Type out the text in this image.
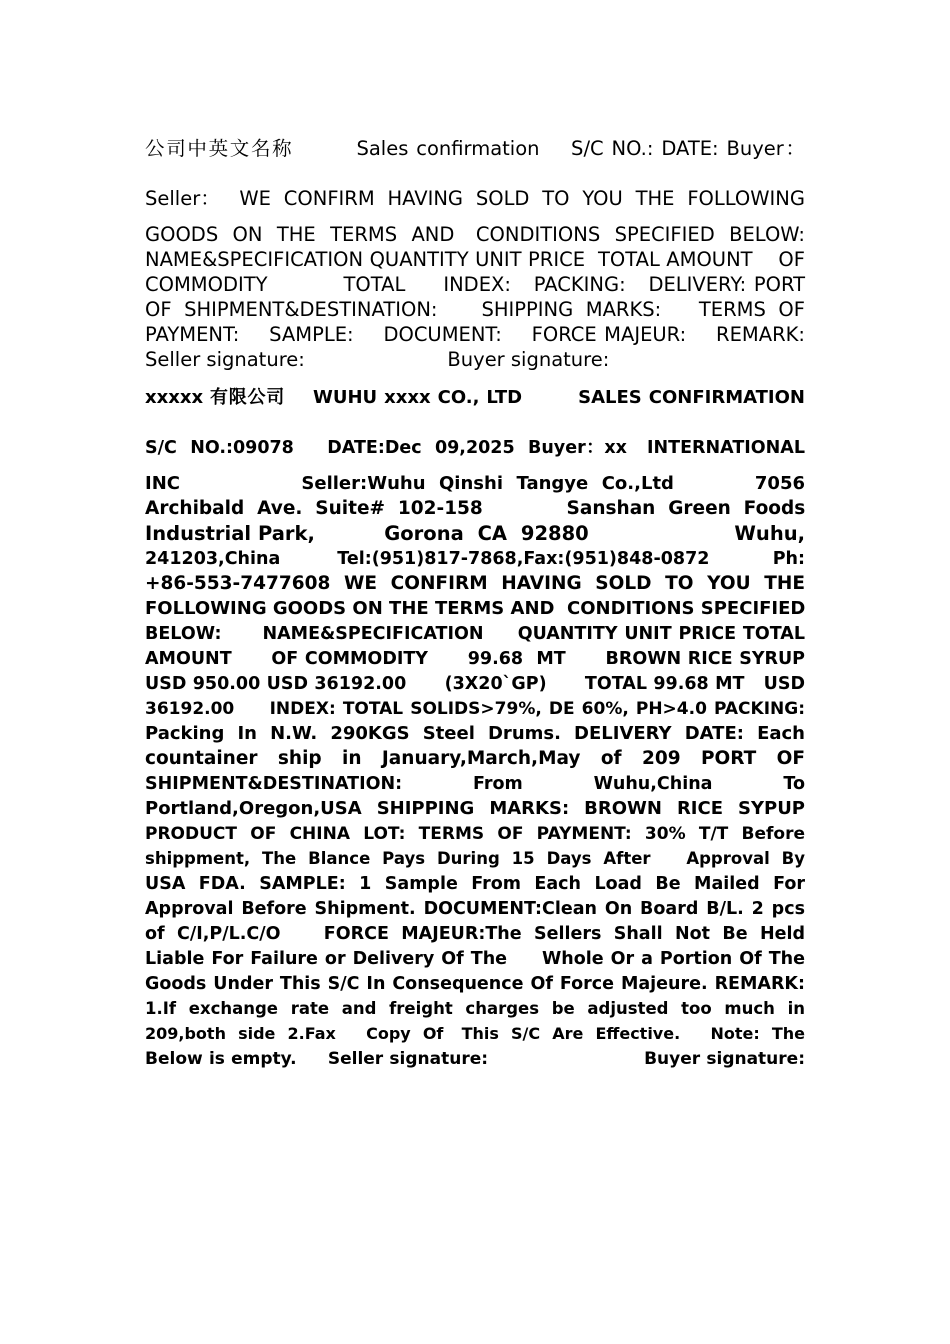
公司中英文名称        Sales confirmation    S/C NO.: DATE: Buyer：
Seller：   WE  CONFIRM  HAVING  SOLD  TO  YOU  THE  FOLLOWING
GOODS  ON  THE  TERMS  AND   CONDITIONS  SPECIFIED  BELOW:
NAME&SPECIFICATION QUANTITY UNIT PRICE  TOTAL AMOUNT    OF
COMMODITY          TOTAL     INDEX:   PACKING:   DELIVERY: PORT
OF  SHIPMENT&DESTINATION:       SHIPPING  MARKS:      TERMS  OF
PAYMENT:    SAMPLE:    DOCUMENT:    FORCE MAJEUR:    REMARK:
Seller signature:                       Buyer signature:
xxxxx 有限公司    WUHU xxxx CO., LTD        SALES CONFIRMATION
S/C  NO.:09078     DATE:Dec  09,2025  Buyer：xx   INTERNATIONAL
INC                  Seller:Wuhu  Qinshi  Tangye  Co.,Ltd            7056
Archibald  Ave.  Suite#  102-158             Sanshan  Green  Foods
Industrial Park,          Gorona  CA  92880                     Wuhu,
241203,China         Tel:(951)817-7868,Fax:(951)848-0872          Ph:
+86-553-7477608  WE  CONFIRM  HAVING  SOLD  TO  YOU  THE
FOLLOWING GOODS ON THE TERMS AND  CONDITIONS SPECIFIED
BELOW:      NAME&SPECIFICATION     QUANTITY UNIT PRICE TOTAL
AMOUNT      OF COMMODITY      99.68  MT      BROWN RICE SYRUP
USD 950.00 USD 36192.00      (3X20`GP)      TOTAL 99.68 MT   USD
36192.00     INDEX: TOTAL SOLIDS>79%, DE 60%, PH>4.0 PACKING:
Packing  In  N.W.  290KGS  Steel  Drums.  DELIVERY  DATE:  Each
countainer   ship   in   January,March,May   of   209   PORT   OF
SHIPMENT&DESTINATION:           From           Wuhu,China           To
Portland,Oregon,USA  SHIPPING  MARKS:  BROWN  RICE  SYPUP
PRODUCT  OF  CHINA  LOT:  TERMS  OF  PAYMENT:  30%  T/T  Before
shippment,  The  Blance  Pays  During  15  Days  After      Approval  By
USA  FDA.  SAMPLE:  1  Sample  From  Each  Load  Be  Mailed  For
Approval Before Shipment. DOCUMENT:Clean On Board B/L. 2 pcs
of  C/I,P/L.C/O       FORCE  MAJEUR:The  Sellers  Shall  Not  Be  Held
Liable For Failure or Delivery Of The     Whole Or a Portion Of The
Goods Under This S/C In Consequence Of Force Majeure. REMARK:
1.If  exchange  rate  and  freight  charges  be  adjusted  too  much  in
209,both  side  2.Fax     Copy  Of   This  S/C  Are  Effective.     Note:  The
Below is empty.     Seller signature:                         Buyer signature:
